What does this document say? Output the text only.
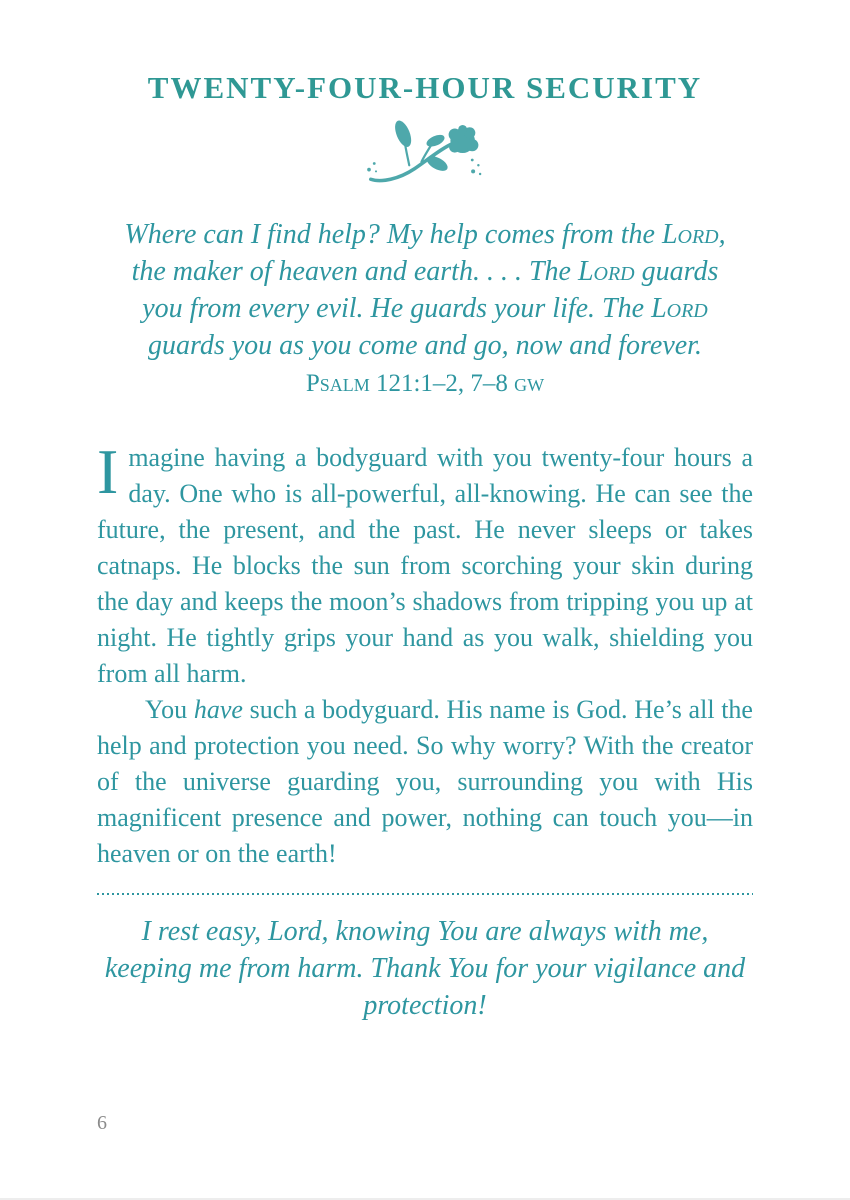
TWENTY-FOUR-HOUR SECURITY
Where can I find help? My help comes from the Lord,
the maker of heaven and earth. . . . The Lord guards
you from every evil. He guards your life. The Lord
guards you as you come and go, now and forever.
Psalm 121:1–2, 7–8 gw

Imagine having a bodyguard with you twenty-four hours a day. One who is all-powerful, all-knowing. He can see the future, the present, and the past. He never sleeps or takes catnaps. He blocks the sun from scorching your skin during the day and keeps the moon’s shadows from tripping you up at night. He tightly grips your hand as you walk, shielding you from all harm.

You have such a bodyguard. His name is God. He’s all the help and protection you need. So why worry? With the creator of the universe guarding you, surrounding you with His magnificent presence and power, nothing can touch you—in heaven or on the earth!

I rest easy, Lord, knowing You are always with me, keeping me from harm. Thank You for your vigilance and protection!
6
